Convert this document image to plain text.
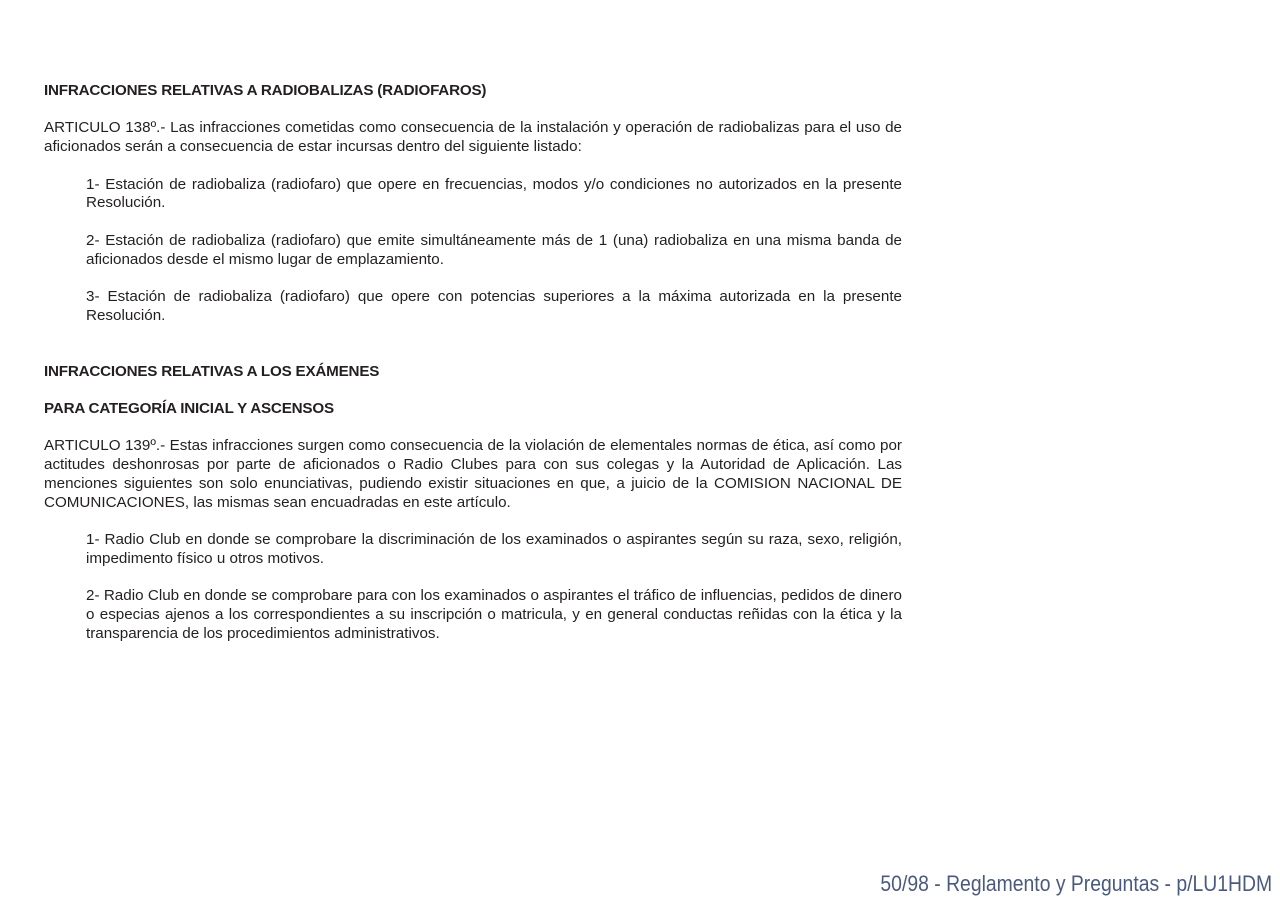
INFRACCIONES RELATIVAS A RADIOBALIZAS (RADIOFAROS)

ARTICULO 138º.- Las infracciones cometidas como consecuencia de la instalación y operación de radiobalizas para el uso de aficionados serán a consecuencia de estar incursas dentro del siguiente listado:

1- Estación de radiobaliza (radiofaro) que opere en frecuencias, modos y/o condiciones no autorizados en la presente Resolución.

2- Estación de radiobaliza (radiofaro) que emite simultáneamente más de 1 (una) radiobaliza en una misma banda de aficionados desde el mismo lugar de emplazamiento.

3- Estación de radiobaliza (radiofaro) que opere con potencias superiores a la máxima autorizada en la presente Resolución.

INFRACCIONES RELATIVAS A LOS EXÁMENES

PARA CATEGORÍA INICIAL Y ASCENSOS

ARTICULO 139º.- Estas infracciones surgen como consecuencia de la violación de elementales normas de ética, así como por actitudes deshonrosas por parte de aficionados o Radio Clubes para con sus colegas y la Autoridad de Aplicación. Las menciones siguientes son solo enunciativas, pudiendo existir situaciones en que, a juicio de la COMISION NACIONAL DE COMUNICACIONES, las mismas sean encuadradas en este artículo.

1- Radio Club en donde se comprobare la discriminación de los examinados o aspirantes según su raza, sexo, religión, impedimento físico u otros motivos.

2- Radio Club en donde se comprobare para con los examinados o aspirantes el tráfico de influencias, pedidos de dinero o especias ajenos a los correspondientes a su inscripción o matricula, y en general conductas reñidas con la ética y la transparencia de los procedimientos administrativos.

50/98 - Reglamento y Preguntas - p/LU1HDM
